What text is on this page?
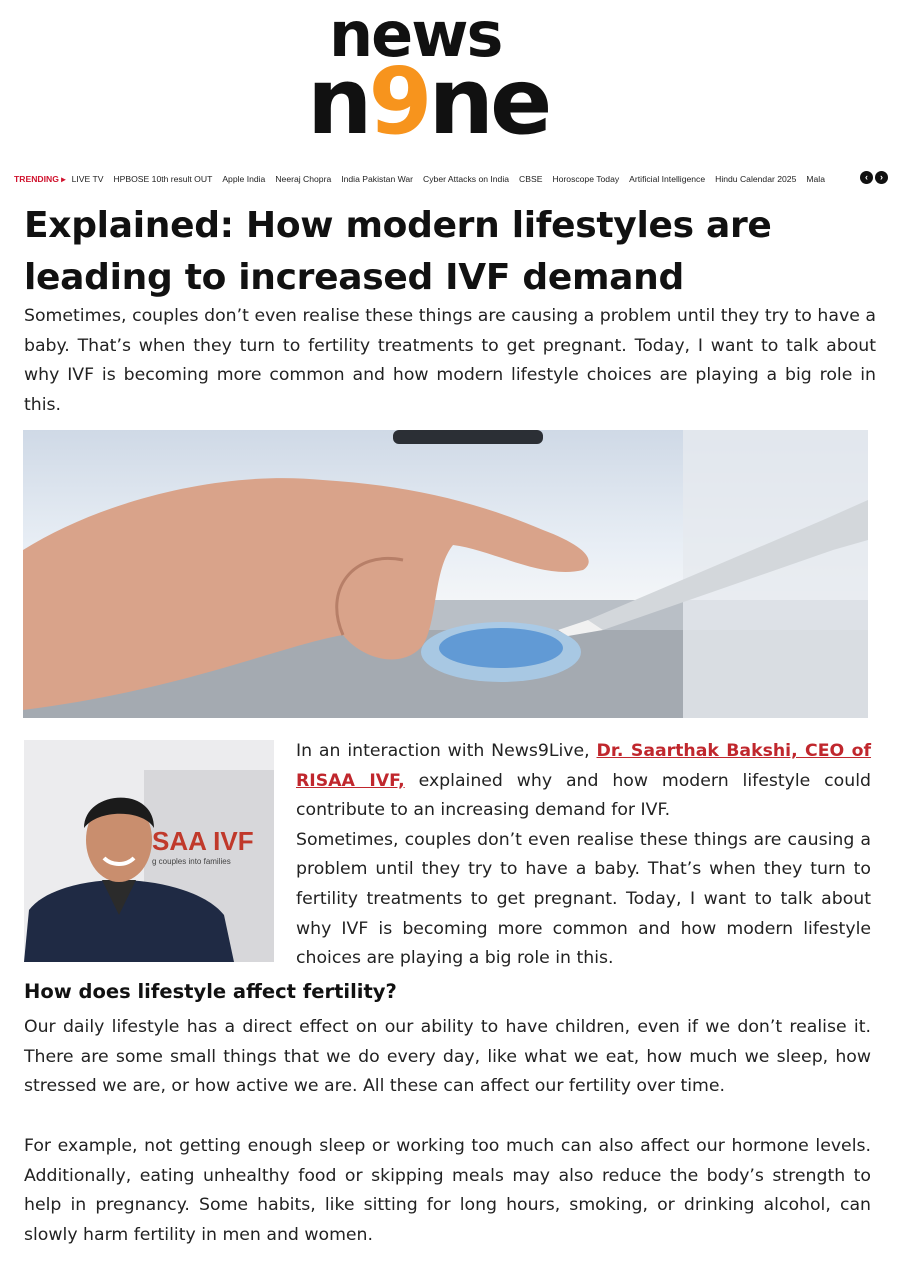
news
n 9 ne
TRENDING ▸	LIVE TV HPBOSE 10th result OUT Apple India Neeraj Chopra India Pakistan War Cyber Attacks on India CBSE Horoscope Today Artificial Intelligence Hindu Calendar 2025 Mala	‹	›
Explained: How modern lifestyles are leading to increased IVF demand

Sometimes, couples don’t even realise these things are causing a problem until they try to have a baby. That’s when they turn to fertility treatments to get pregnant. Today, I want to talk about why IVF is becoming more common and how modern lifestyle choices are playing a big role in this.

SAA IVF
g couples into families

In an interaction with News9Live, Dr. Saarthak Bakshi, CEO of RISAA IVF, explained why and how modern lifestyle could contribute to an increasing demand for IVF.

Sometimes, couples don’t even realise these things are causing a problem until they try to have a baby. That’s when they turn to fertility treatments to get pregnant. Today, I want to talk about why IVF is becoming more common and how modern lifestyle choices are playing a big role in this.

How does lifestyle affect fertility?

Our daily lifestyle has a direct effect on our ability to have children, even if we don’t realise it. There are some small things that we do every day, like what we eat, how much we sleep, how stressed we are, or how active we are. All these can affect our fertility over time.

For example, not getting enough sleep or working too much can also affect our hormone levels. Additionally, eating unhealthy food or skipping meals may also reduce the body’s strength to help in pregnancy. Some habits, like sitting for long hours, smoking, or drinking alcohol, can slowly harm fertility in men and women.
